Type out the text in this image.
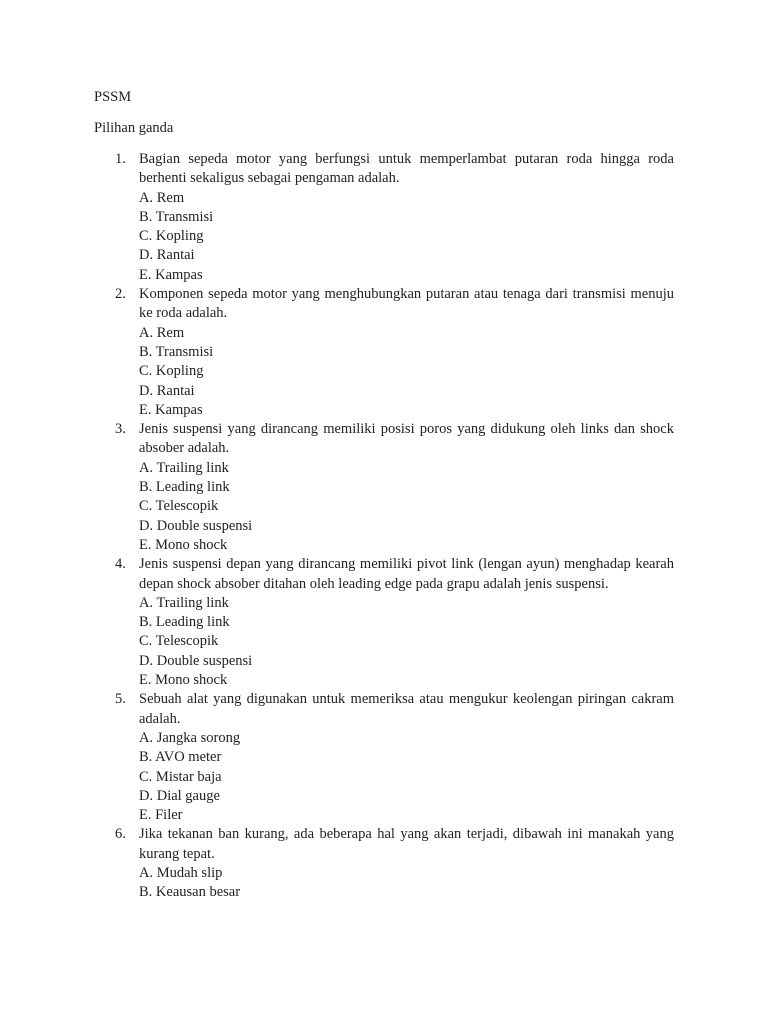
PSSM
Pilihan ganda
1. Bagian sepeda motor yang berfungsi untuk memperlambat putaran roda hingga roda berhenti sekaligus sebagai pengaman adalah.

A. Rem
B. Transmisi
C. Kopling
D. Rantai
E. Kampas
2. Komponen sepeda motor yang menghubungkan putaran atau tenaga dari transmisi menuju ke roda adalah.

A. Rem
B. Transmisi
C. Kopling
D. Rantai
E. Kampas
3. Jenis suspensi yang dirancang memiliki posisi poros yang didukung oleh links dan shock absober adalah.

A. Trailing link
B. Leading link
C. Telescopik
D. Double suspensi
E. Mono shock
4. Jenis suspensi depan yang dirancang memiliki pivot link (lengan ayun) menghadap kearah depan shock absober ditahan oleh leading edge pada grapu adalah jenis suspensi.

A. Trailing link
B. Leading link
C. Telescopik
D. Double suspensi
E. Mono shock
5. Sebuah alat yang digunakan untuk memeriksa atau mengukur keolengan piringan cakram adalah.

A. Jangka sorong
B. AVO meter
C. Mistar baja
D. Dial gauge
E. Filer
6. Jika tekanan ban kurang, ada beberapa hal yang akan terjadi, dibawah ini manakah yang kurang tepat.

A. Mudah slip
B. Keausan besar
